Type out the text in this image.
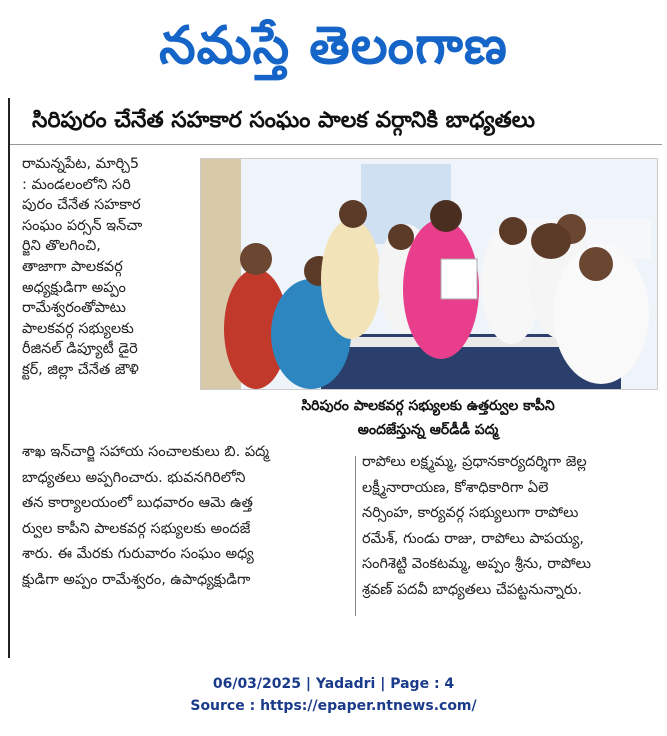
నమస్తే తెలంగాణ
సిరిపురం చేనేత సహకార సంఘం పాలక వర్గానికి బాధ్యతలు

రామన్నపేట, మార్చి5

: మండలంలోని సరి

పురం చేనేత సహకార

సంఘం పర్సన్ ఇన్‌చా

ర్జిని తొలగించి,

తాజాగా పాలకవర్గ

అధ్యక్షుడిగా అప్పం

రామేశ్వరంతోపాటు

పాలకవర్గ సభ్యులకు

రీజినల్ డిప్యూటీ డైరె

క్టర్, జిల్లా చేనేత జౌళి

సిరిపురం పాలకవర్గ సభ్యులకు ఉత్తర్వుల కాపీని

అందజేస్తున్న ఆర్‌డీడీ పద్మ

శాఖ ఇన్‌చార్జి సహాయ సంచాలకులు బి. పద్మ

బాధ్యతలు అప్పగించారు. భువనగిరిలోని

తన కార్యాలయంలో బుధవారం ఆమె ఉత్త

ర్వుల కాపీని పాలకవర్గ సభ్యులకు అందజే

శారు. ఈ మేరకు గురువారం సంఘం అధ్య

క్షుడిగా అప్పం రామేశ్వరం, ఉపాధ్యక్షుడిగా

రాపోలు లక్ష్మమ్మ, ప్రధానకార్యదర్శిగా జెల్ల

లక్ష్మీనారాయణ, కోశాధికారిగా ఏలె

నర్సింహ, కార్యవర్గ సభ్యులుగా రాపోలు

రమేశ్, గుండు రాజు, రాపోలు పాపయ్య,

సంగిశెట్టి వెంకటమ్మ, అప్పం శ్రీను, రాపోలు

శ్రవణ్ పదవీ బాధ్యతలు చేపట్టనున్నారు.

06/03/2025 | Yadadri | Page : 4
Source : https://epaper.ntnews.com/
